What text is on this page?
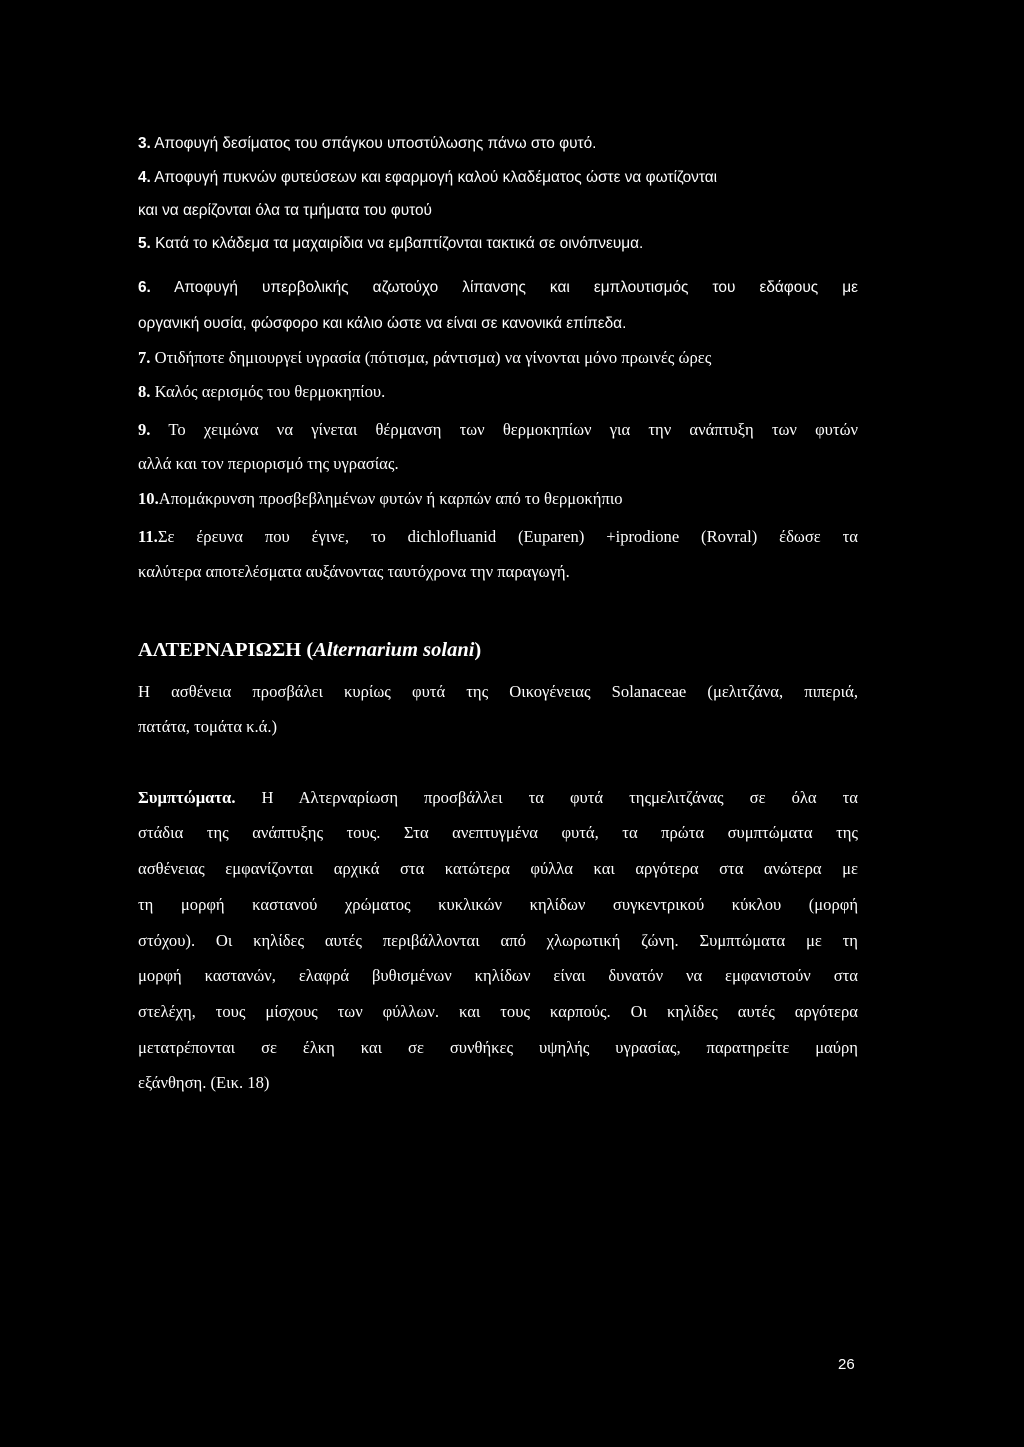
3. Αποφυγή δεσίματος του σπάγκου υποστύλωσης πάνω στο φυτό.
4. Αποφυγή πυκνών φυτεύσεων και εφαρμογή καλού κλαδέματος ώστε να φωτίζονται
και να αερίζονται όλα τα τμήματα του φυτού
5. Κατά το κλάδεμα τα μαχαιρίδια να εμβαπτίζονται τακτικά σε οινόπνευμα.
6. Αποφυγή υπερβολικής αζωτούχο λίπανσης και εμπλουτισμός του εδάφους με
οργανική ουσία, φώσφορο και κάλιο ώστε να είναι σε κανονικά επίπεδα.
7. Οτιδήποτε δημιουργεί υγρασία (πότισμα, ράντισμα) να γίνονται μόνο πρωινές ώρες
8. Καλός αερισμός του θερμοκηπίου.
9. Το χειμώνα να γίνεται θέρμανση των θερμοκηπίων για την ανάπτυξη των φυτών
αλλά και τον περιορισμό της υγρασίας.
10.Απομάκρυνση προσβεβλημένων φυτών ή καρπών από το θερμοκήπιο
11.Σε έρευνα που έγινε, το dichlofluanid (Euparen) +iprodione (Rovral) έδωσε τα
καλύτερα αποτελέσματα αυξάνοντας ταυτόχρονα την παραγωγή.
ΑΛΤΕΡΝΑΡΙΩΣΗ (Alternarium solani)
Η ασθένεια προσβάλει κυρίως φυτά της Οικογένειας Solanaceae (μελιτζάνα, πιπεριά,
πατάτα, τομάτα κ.ά.)
Συμπτώματα. Η Αλτερναρίωση προσβάλλει τα φυτά τηςμελιτζάνας σε όλα τα
στάδια της ανάπτυξης τους. Στα ανεπτυγμένα φυτά, τα πρώτα συμπτώματα της
ασθένειας εμφανίζονται αρχικά στα κατώτερα φύλλα και αργότερα στα ανώτερα με
τη μορφή καστανού χρώματος κυκλικών κηλίδων συγκεντρικού κύκλου (μορφή
στόχου). Οι κηλίδες αυτές περιβάλλονται από χλωρωτική ζώνη. Συμπτώματα με τη
μορφή καστανών, ελαφρά βυθισμένων κηλίδων είναι δυνατόν να εμφανιστούν στα
στελέχη, τους μίσχους των φύλλων. και τους καρπούς. Οι κηλίδες αυτές αργότερα
μετατρέπονται σε έλκη και σε συνθήκες υψηλής υγρασίας, παρατηρείτε μαύρη
εξάνθηση. (Εικ. 18)
26
